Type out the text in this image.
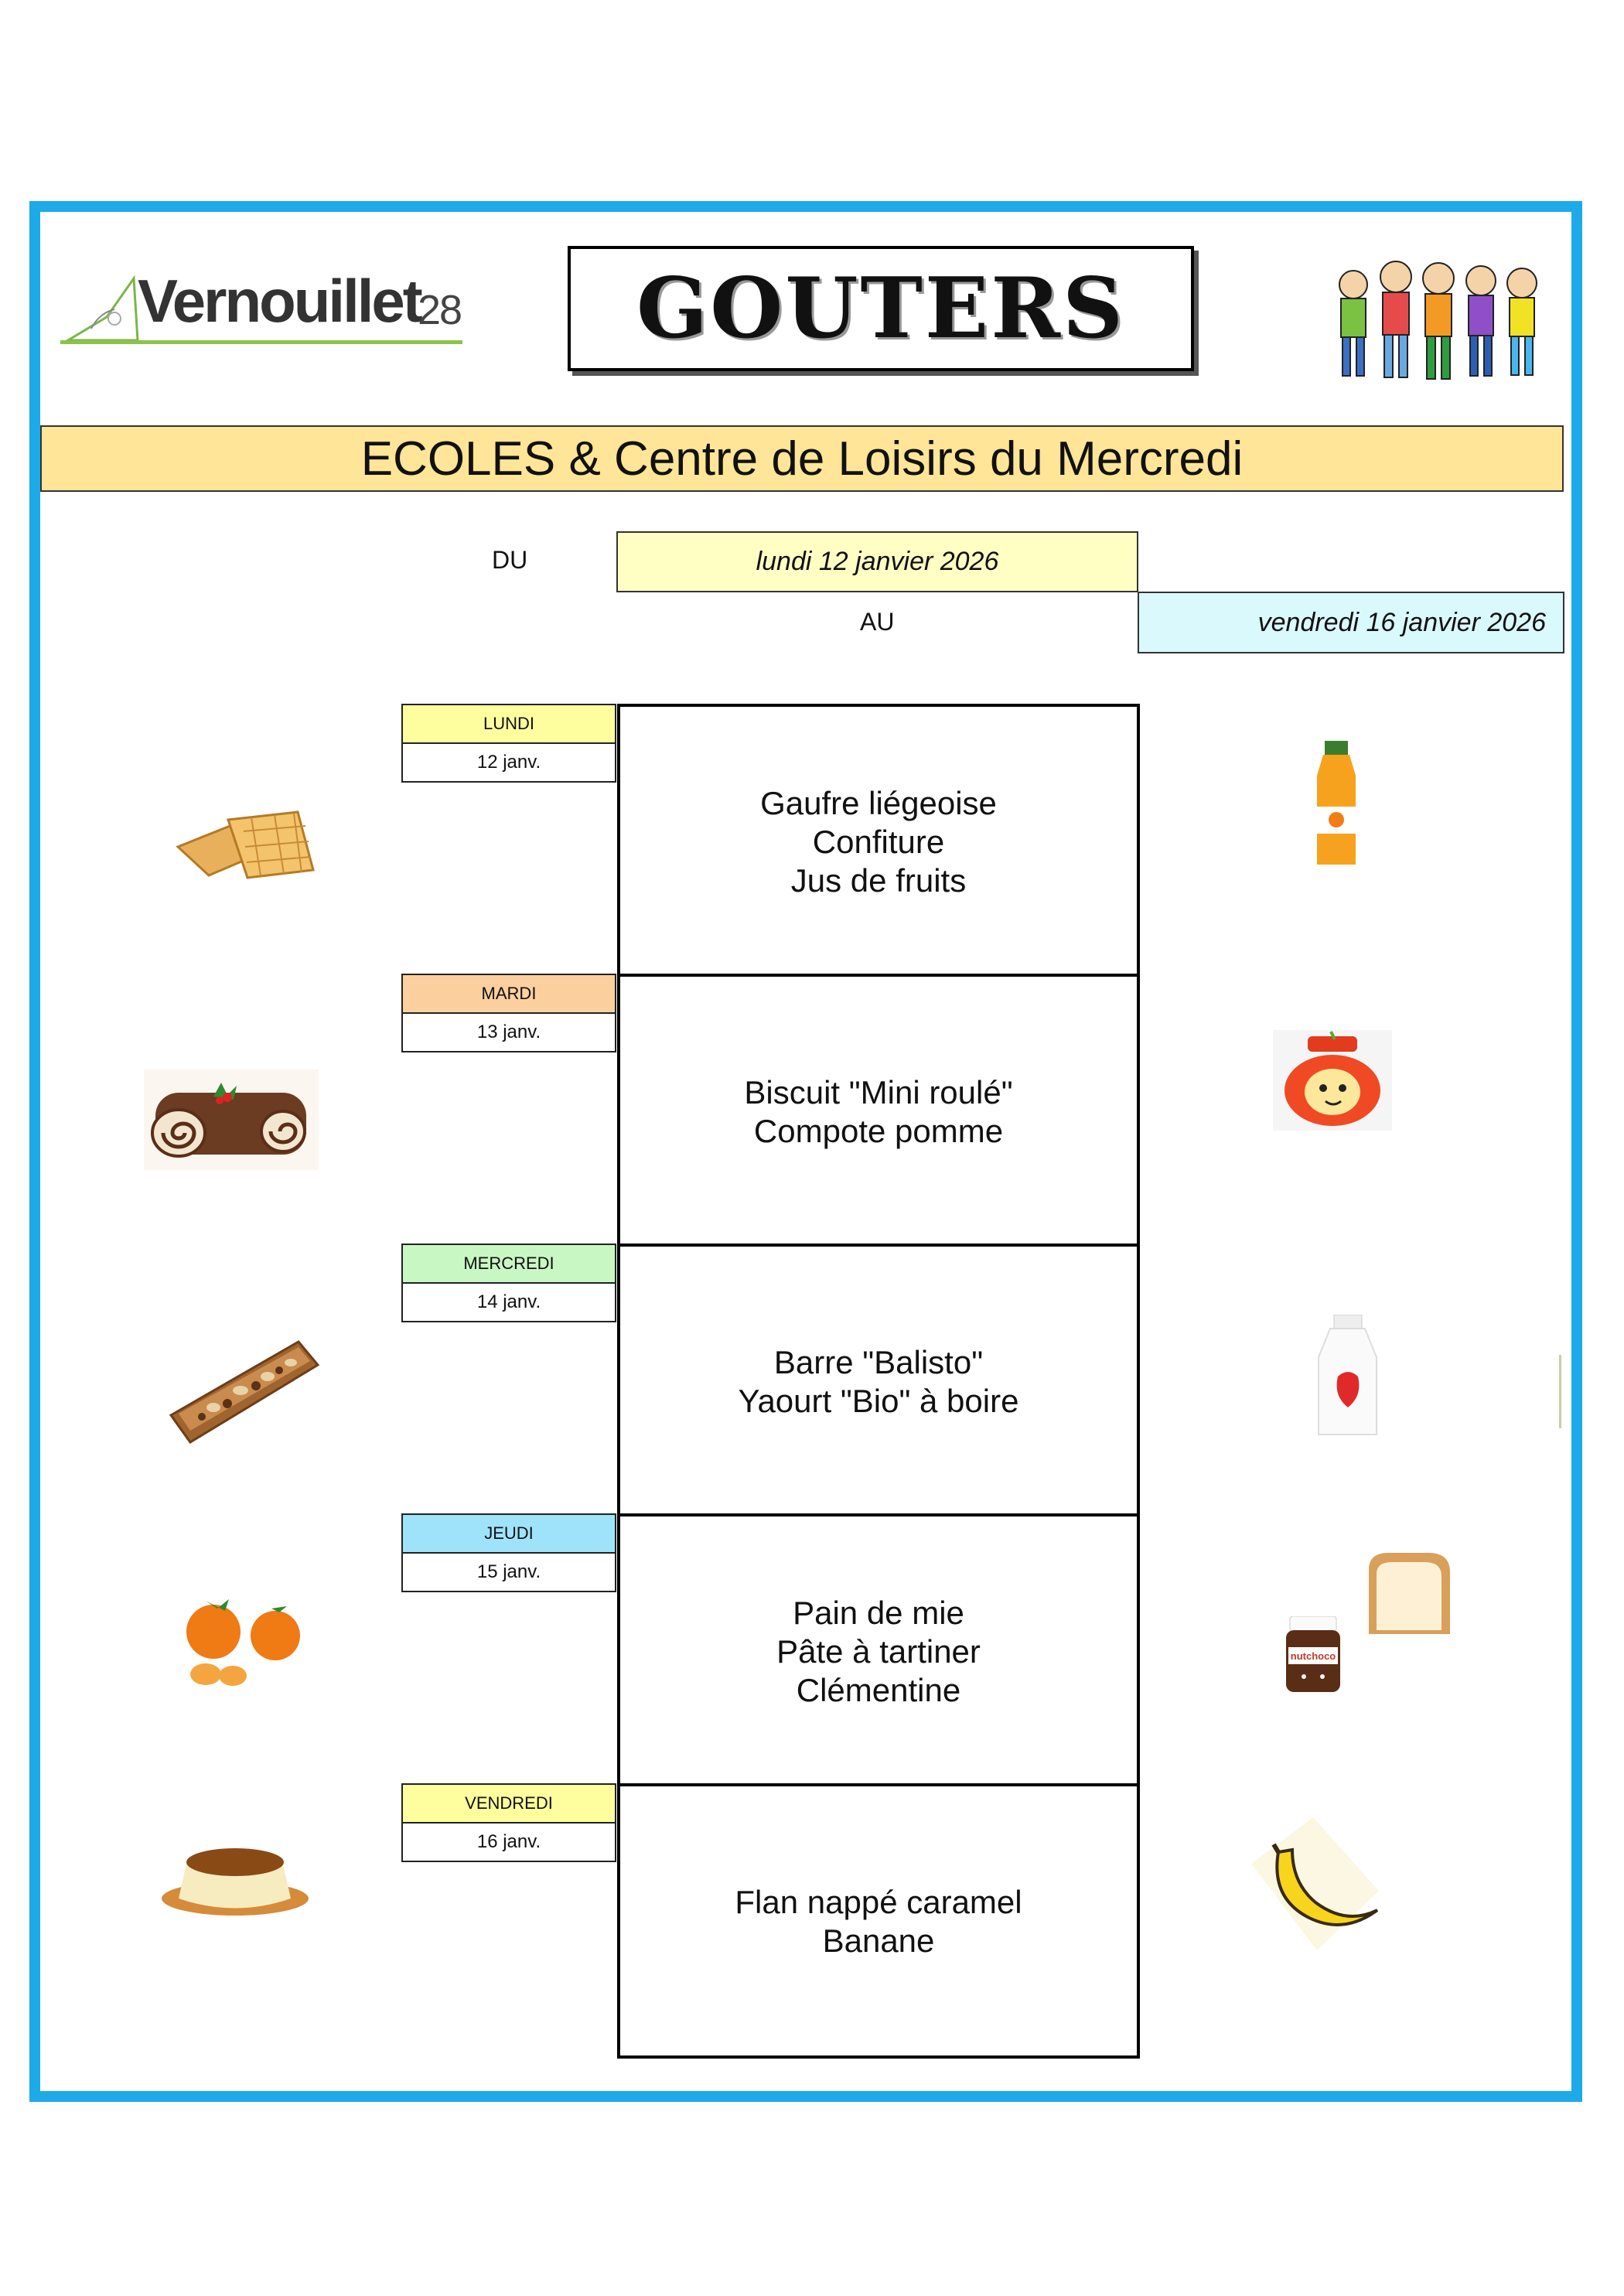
Vernouillet
28 GOUTERS
ECOLES & Centre de Loisirs du Mercredi
DU	lundi 12 janvier 2026
AU	vendredi 16 janvier 2026
LUNDI
12 janv.
MARDI
13 janv.
MERCREDI
14 janv.
JEUDI
15 janv.
VENDREDI
16 janv.
Gaufre liégeoise
Confiture
Jus de fruits
Biscuit "Mini roulé"
Compote pomme
Barre "Balisto"
Yaourt "Bio" à boire
Pain de mie
Pâte à tartiner
Clémentine
Flan nappé caramel
Banane
nutchoco
